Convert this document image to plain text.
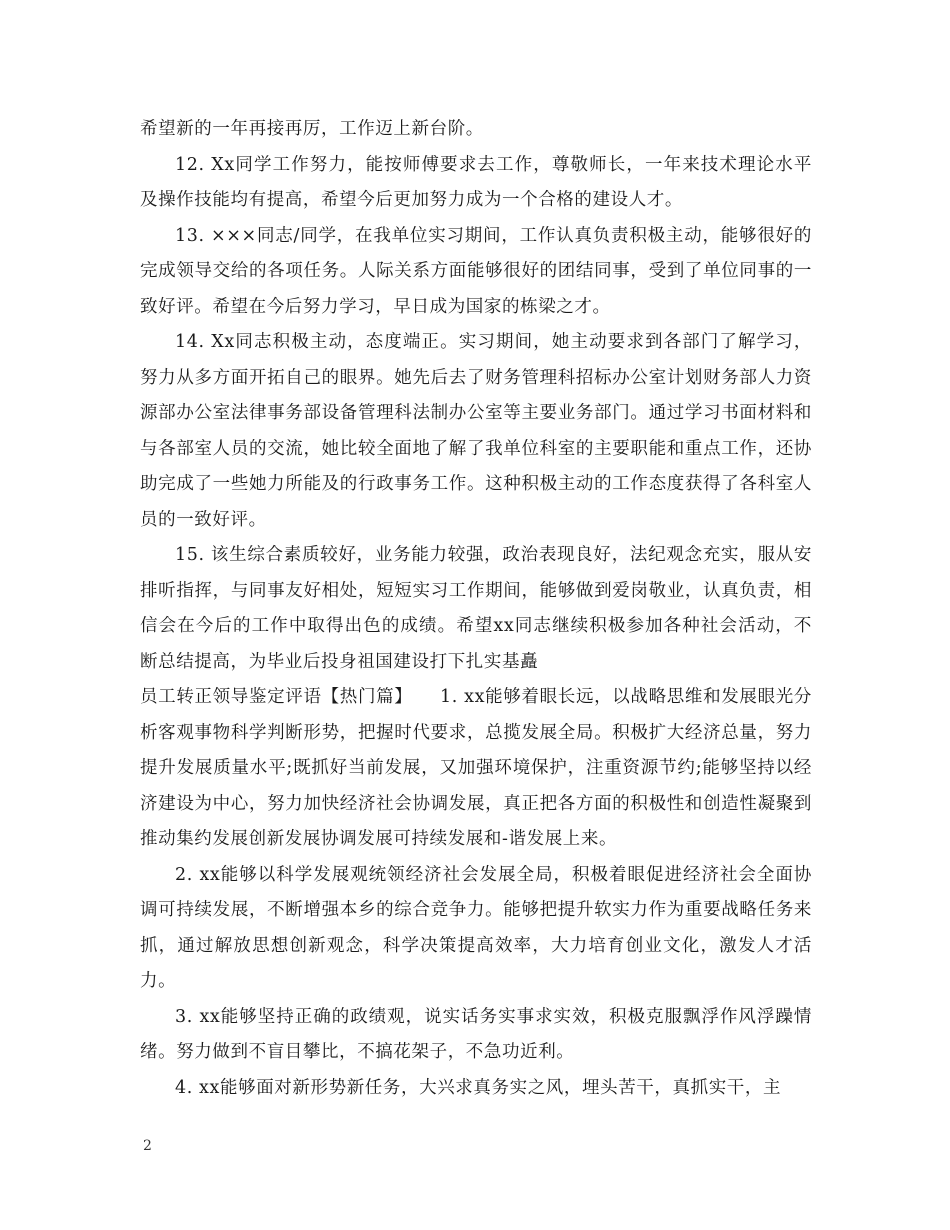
希望新的一年再接再厉，工作迈上新台阶。

12. Xx同学工作努力，能按师傅要求去工作，尊敬师长，一年来技术理论水平及操作技能均有提高，希望今后更加努力成为一个合格的建设人才。

13. ×××同志/同学，在我单位实习期间，工作认真负责积极主动，能够很好的完成领导交给的各项任务。人际关系方面能够很好的团结同事，受到了单位同事的一致好评。希望在今后努力学习，早日成为国家的栋梁之才。

14. Xx同志积极主动，态度端正。实习期间，她主动要求到各部门了解学习，努力从多方面开拓自己的眼界。她先后去了财务管理科招标办公室计划财务部人力资源部办公室法律事务部设备管理科法制办公室等主要业务部门。通过学习书面材料和与各部室人员的交流，她比较全面地了解了我单位科室的主要职能和重点工作，还协助完成了一些她力所能及的行政事务工作。这种积极主动的工作态度获得了各科室人员的一致好评。

15. 该生综合素质较好，业务能力较强，政治表现良好，法纪观念充实，服从安排听指挥，与同事友好相处，短短实习工作期间，能够做到爱岗敬业，认真负责，相信会在今后的工作中取得出色的成绩。希望xx同志继续积极参加各种社会活动，不断总结提高，为毕业后投身祖国建设打下扎实基矗

员工转正领导鉴定评语【热门篇】　　1. xx能够着眼长远，以战略思维和发展眼光分析客观事物科学判断形势，把握时代要求，总揽发展全局。积极扩大经济总量，努力提升发展质量水平;既抓好当前发展，又加强环境保护，注重资源节约;能够坚持以经济建设为中心，努力加快经济社会协调发展，真正把各方面的积极性和创造性凝聚到推动集约发展创新发展协调发展可持续发展和-谐发展上来。

2. xx能够以科学发展观统领经济社会发展全局，积极着眼促进经济社会全面协调可持续发展，不断增强本乡的综合竞争力。能够把提升软实力作为重要战略任务来抓，通过解放思想创新观念，科学决策提高效率，大力培育创业文化，激发人才活力。

3. xx能够坚持正确的政绩观，说实话务实事求实效，积极克服飘浮作风浮躁情绪。努力做到不盲目攀比，不搞花架子，不急功近利。

4. xx能够面对新形势新任务，大兴求真务实之风，埋头苦干，真抓实干，主

2
